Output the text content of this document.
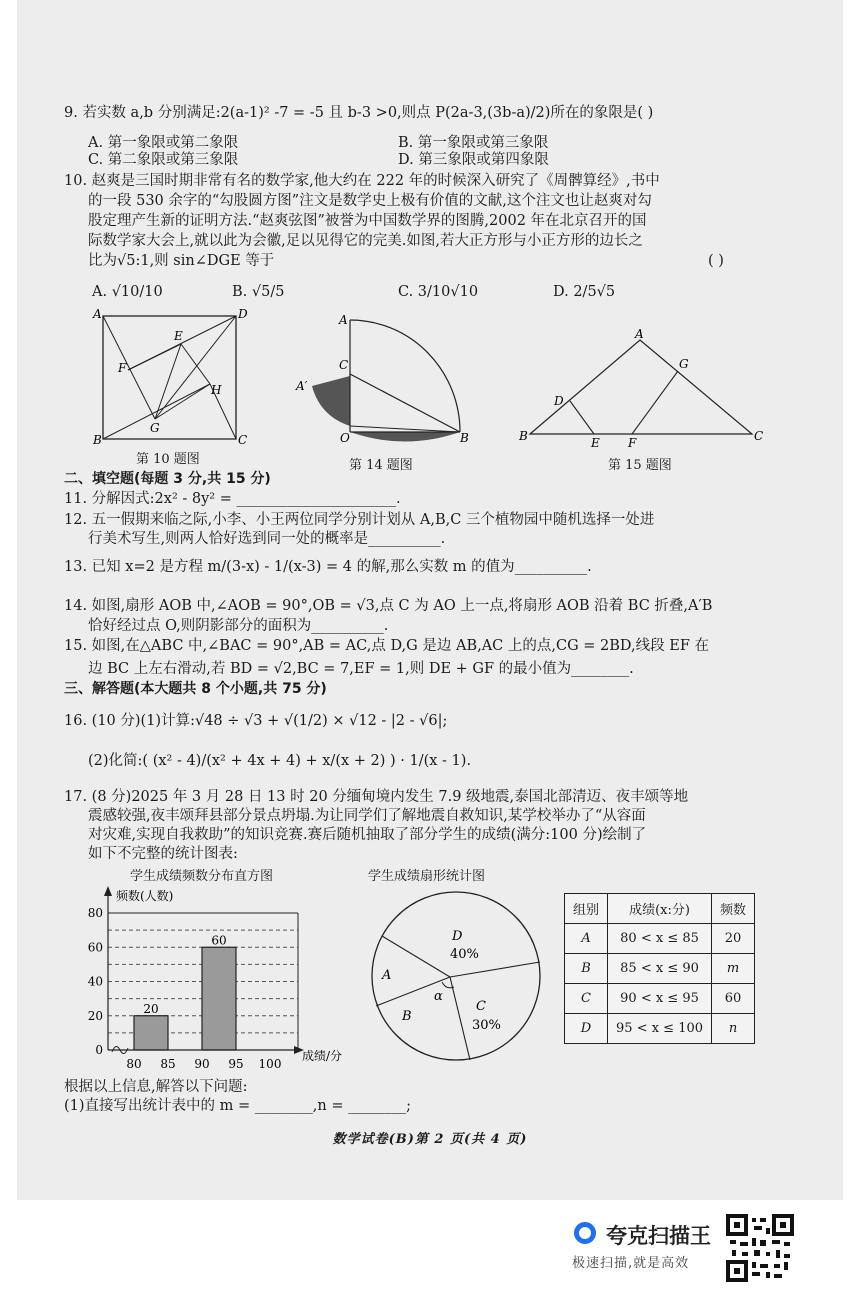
9. 若实数 a,b 分别满足:2(a-1)² -7 = -5 且 b-3 >0,则点 P(2a-3,(3b-a)/2)所在的象限是( )
A. 第一象限或第二象限	B. 第一象限或第三象限
C. 第二象限或第三象限	D. 第三象限或第四象限
10. 赵爽是三国时期非常有名的数学家,他大约在 222 年的时候深入研究了《周髀算经》,书中
的一段 530 余字的“勾股圆方图”注文是数学史上极有价值的文献,这个注文也让赵爽对勾
股定理产生新的证明方法.“赵爽弦图”被誉为中国数学界的图腾,2002 年在北京召开的国
际数学家大会上,就以此为会徽,足以见得它的完美.如图,若大正方形与小正方形的边长之
比为√5:1,则 sin∠DGE 等于	( )
A. √10/10	B. √5/5	C. 3/10√10	D. 2/5√5
A	D
B	C
E
F
G
H
第 10 题图
A
C
A′
O	B
第 14 题图
A
G
D
B	E F	C
第 15 题图
二、填空题(每题 3 分,共 15 分)
11. 分解因式:2x² - 8y² = ______________________.
12. 五一假期来临之际,小李、小王两位同学分别计划从 A,B,C 三个植物园中随机选择一处进
行美术写生,则两人恰好选到同一处的概率是__________.
13. 已知 x=2 是方程 m/(3-x) - 1/(x-3) = 4 的解,那么实数 m 的值为__________.
14. 如图,扇形 AOB 中,∠AOB = 90°,OB = √3,点 C 为 AO 上一点,将扇形 AOB 沿着 BC 折叠,A′B
恰好经过点 O,则阴影部分的面积为__________.
15. 如图,在△ABC 中,∠BAC = 90°,AB = AC,点 D,G 是边 AB,AC 上的点,CG = 2BD,线段 EF 在
边 BC 上左右滑动,若 BD = √2,BC = 7,EF = 1,则 DE + GF 的最小值为________.
三、解答题(本大题共 8 个小题,共 75 分)
16. (10 分)(1)计算:√48 ÷ √3 + √(1/2) × √12 - |2 - √6|;
(2)化简:( (x² - 4)/(x² + 4x + 4) + x/(x + 2) ) · 1/(x - 1).
17. (8 分)2025 年 3 月 28 日 13 时 20 分缅甸境内发生 7.9 级地震,泰国北部清迈、夜丰颂等地
震感较强,夜丰颂拜县部分景点坍塌.为让同学们了解地震自救知识,某学校举办了“从容面
对灾难,实现自我救助”的知识竞赛.赛后随机抽取了部分学生的成绩(满分:100 分)绘制了
如下不完整的统计图表:
学生成绩频数分布直方图
20
60
0
20
40
60
80
80 85 90 95 100
频数(人数)
成绩/分
学生成绩扇形统计图
D
40%
A
B
α
C
30%
组别	成绩(x:分)	频数
A	80 < x ≤ 85	20
B	85 < x ≤ 90	m
C	90 < x ≤ 95	60
D	95 < x ≤ 100	n
根据以上信息,解答以下问题:
(1)直接写出统计表中的 m = ________,n = ________;
数学试卷(B)第 2 页(共 4 页)
夸克扫描王
极速扫描,就是高效
